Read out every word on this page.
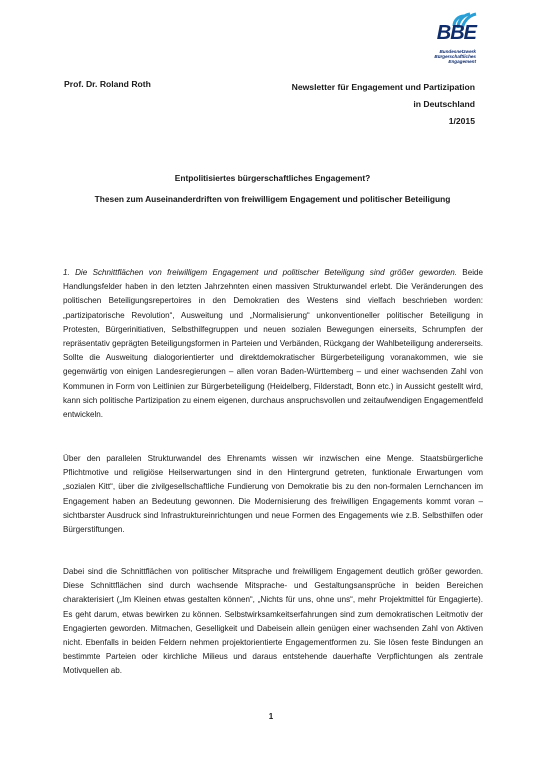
BBE
Bundesnetzwerk
Bürgerschaftliches
Engagement
Prof. Dr. Roland Roth	Newsletter für Engagement und Partizipation
in Deutschland
1/2015
Entpolitisiertes bürgerschaftliches Engagement?
Thesen zum Auseinanderdriften von freiwilligem Engagement und politischer Beteiligung

1. Die Schnittflächen von freiwilligem Engagement und politischer Beteiligung sind größer geworden. Beide Handlungsfelder haben in den letzten Jahrzehnten einen massiven Strukturwandel erlebt. Die Veränderungen des politischen Beteiligungsrepertoires in den Demokratien des Westens sind vielfach beschrieben worden: „partizipatorische Revolution“, Ausweitung und „Normalisierung“ unkonventioneller politischer Beteiligung in Protesten, Bürgerinitiativen, Selbsthilfegruppen und neuen sozialen Bewegungen einerseits, Schrumpfen der repräsentativ geprägten Beteiligungsformen in Parteien und Verbänden, Rückgang der Wahlbeteiligung andererseits. Sollte die Ausweitung dialogorientierter und direktdemokratischer Bürgerbeteiligung voranakommen, wie sie gegenwärtig von einigen Landesregierungen – allen voran Baden-Württemberg – und einer wachsenden Zahl von Kommunen in Form von Leitlinien zur Bürgerbeteiligung (Heidelberg, Filderstadt, Bonn etc.) in Aussicht gestellt wird, kann sich politische Partizipation zu einem eigenen, durchaus anspruchsvollen und zeitaufwendigen Engagementfeld entwickeln.

Über den parallelen Strukturwandel des Ehrenamts wissen wir inzwischen eine Menge. Staatsbürgerliche Pflichtmotive und religiöse Heilserwartungen sind in den Hintergrund getreten, funktionale Erwartungen vom „sozialen Kitt“, über die zivilgesellschaftliche Fundierung von Demokratie bis zu den non-formalen Lernchancen im Engagement haben an Bedeutung gewonnen. Die Modernisierung des freiwilligen Engagements kommt voran – sichtbarster Ausdruck sind Infrastruktureinrichtungen und neue Formen des Engagements wie z.B. Selbsthilfen oder Bürgerstiftungen.

Dabei sind die Schnittflächen von politischer Mitsprache und freiwilligem Engagement deutlich größer geworden. Diese Schnittflächen sind durch wachsende Mitsprache- und Gestaltungsansprüche in beiden Bereichen charakterisiert („Im Kleinen etwas gestalten können“, „Nichts für uns, ohne uns“, mehr Projektmittel für Engagierte). Es geht darum, etwas bewirken zu können. Selbstwirksamkeitserfahrungen sind zum demokratischen Leitmotiv der Engagierten geworden. Mitmachen, Geselligkeit und Dabeisein allein genügen einer wachsenden Zahl von Aktiven nicht. Ebenfalls in beiden Feldern nehmen projektorientierte Engagementformen zu. Sie lösen feste Bindungen an bestimmte Parteien oder kirchliche Milieus und daraus entstehende dauerhafte Verpflichtungen als zentrale Motivquellen ab.

1
